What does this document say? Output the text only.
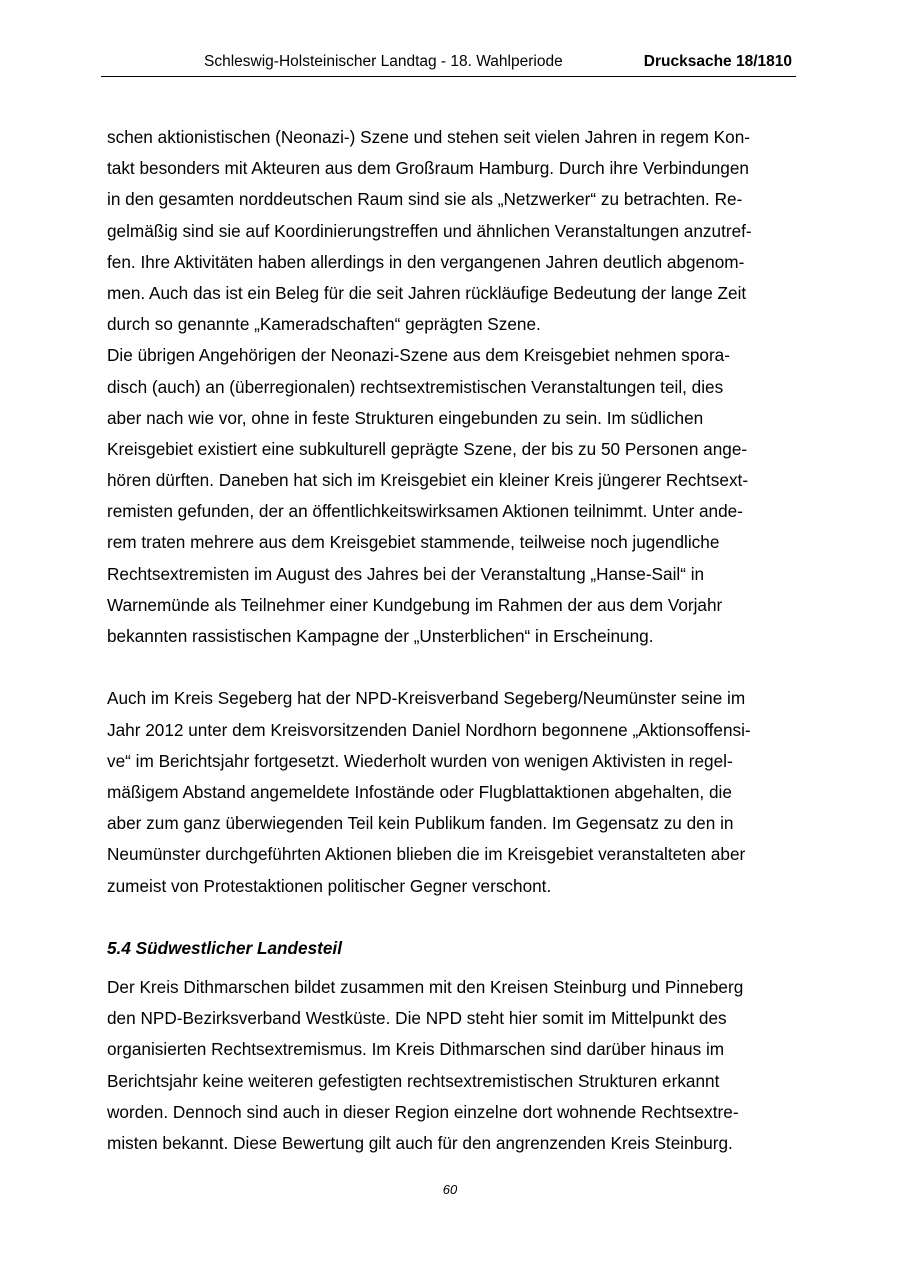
Schleswig-Holsteinischer Landtag - 18. Wahlperiode	Drucksache 18/1810
schen aktionistischen (Neonazi-) Szene und stehen seit vielen Jahren in regem Kon-
takt besonders mit Akteuren aus dem Großraum Hamburg. Durch ihre Verbindungen
in den gesamten norddeutschen Raum sind sie als „Netzwerker“ zu betrachten. Re-
gelmäßig sind sie auf Koordinierungstreffen und ähnlichen Veranstaltungen anzutref-
fen. Ihre Aktivitäten haben allerdings in den vergangenen Jahren deutlich abgenom-
men. Auch das ist ein Beleg für die seit Jahren rückläufige Bedeutung der lange Zeit
durch so genannte „Kameradschaften“ geprägten Szene.
Die übrigen Angehörigen der Neonazi-Szene aus dem Kreisgebiet nehmen spora-
disch (auch) an (überregionalen) rechtsextremistischen Veranstaltungen teil, dies
aber nach wie vor, ohne in feste Strukturen eingebunden zu sein. Im südlichen
Kreisgebiet existiert eine subkulturell geprägte Szene, der bis zu 50 Personen ange-
hören dürften. Daneben hat sich im Kreisgebiet ein kleiner Kreis jüngerer Rechtsext-
remisten gefunden, der an öffentlichkeitswirksamen Aktionen teilnimmt. Unter ande-
rem traten mehrere aus dem Kreisgebiet stammende, teilweise noch jugendliche
Rechtsextremisten im August des Jahres bei der Veranstaltung „Hanse-Sail“ in
Warnemünde als Teilnehmer einer Kundgebung im Rahmen der aus dem Vorjahr
bekannten rassistischen Kampagne der „Unsterblichen“ in Erscheinung.
Auch im Kreis Segeberg hat der NPD-Kreisverband Segeberg/Neumünster seine im
Jahr 2012 unter dem Kreisvorsitzenden Daniel Nordhorn begonnene „Aktionsoffensi-
ve“ im Berichtsjahr fortgesetzt. Wiederholt wurden von wenigen Aktivisten in regel-
mäßigem Abstand angemeldete Infostände oder Flugblattaktionen abgehalten, die
aber zum ganz überwiegenden Teil kein Publikum fanden. Im Gegensatz zu den in
Neumünster durchgeführten Aktionen blieben die im Kreisgebiet veranstalteten aber
zumeist von Protestaktionen politischer Gegner verschont.
5.4 Südwestlicher Landesteil
Der Kreis Dithmarschen bildet zusammen mit den Kreisen Steinburg und Pinneberg
den NPD-Bezirksverband Westküste. Die NPD steht hier somit im Mittelpunkt des
organisierten Rechtsextremismus. Im Kreis Dithmarschen sind darüber hinaus im
Berichtsjahr keine weiteren gefestigten rechtsextremistischen Strukturen erkannt
worden. Dennoch sind auch in dieser Region einzelne dort wohnende Rechtsextre-
misten bekannt. Diese Bewertung gilt auch für den angrenzenden Kreis Steinburg.
60
